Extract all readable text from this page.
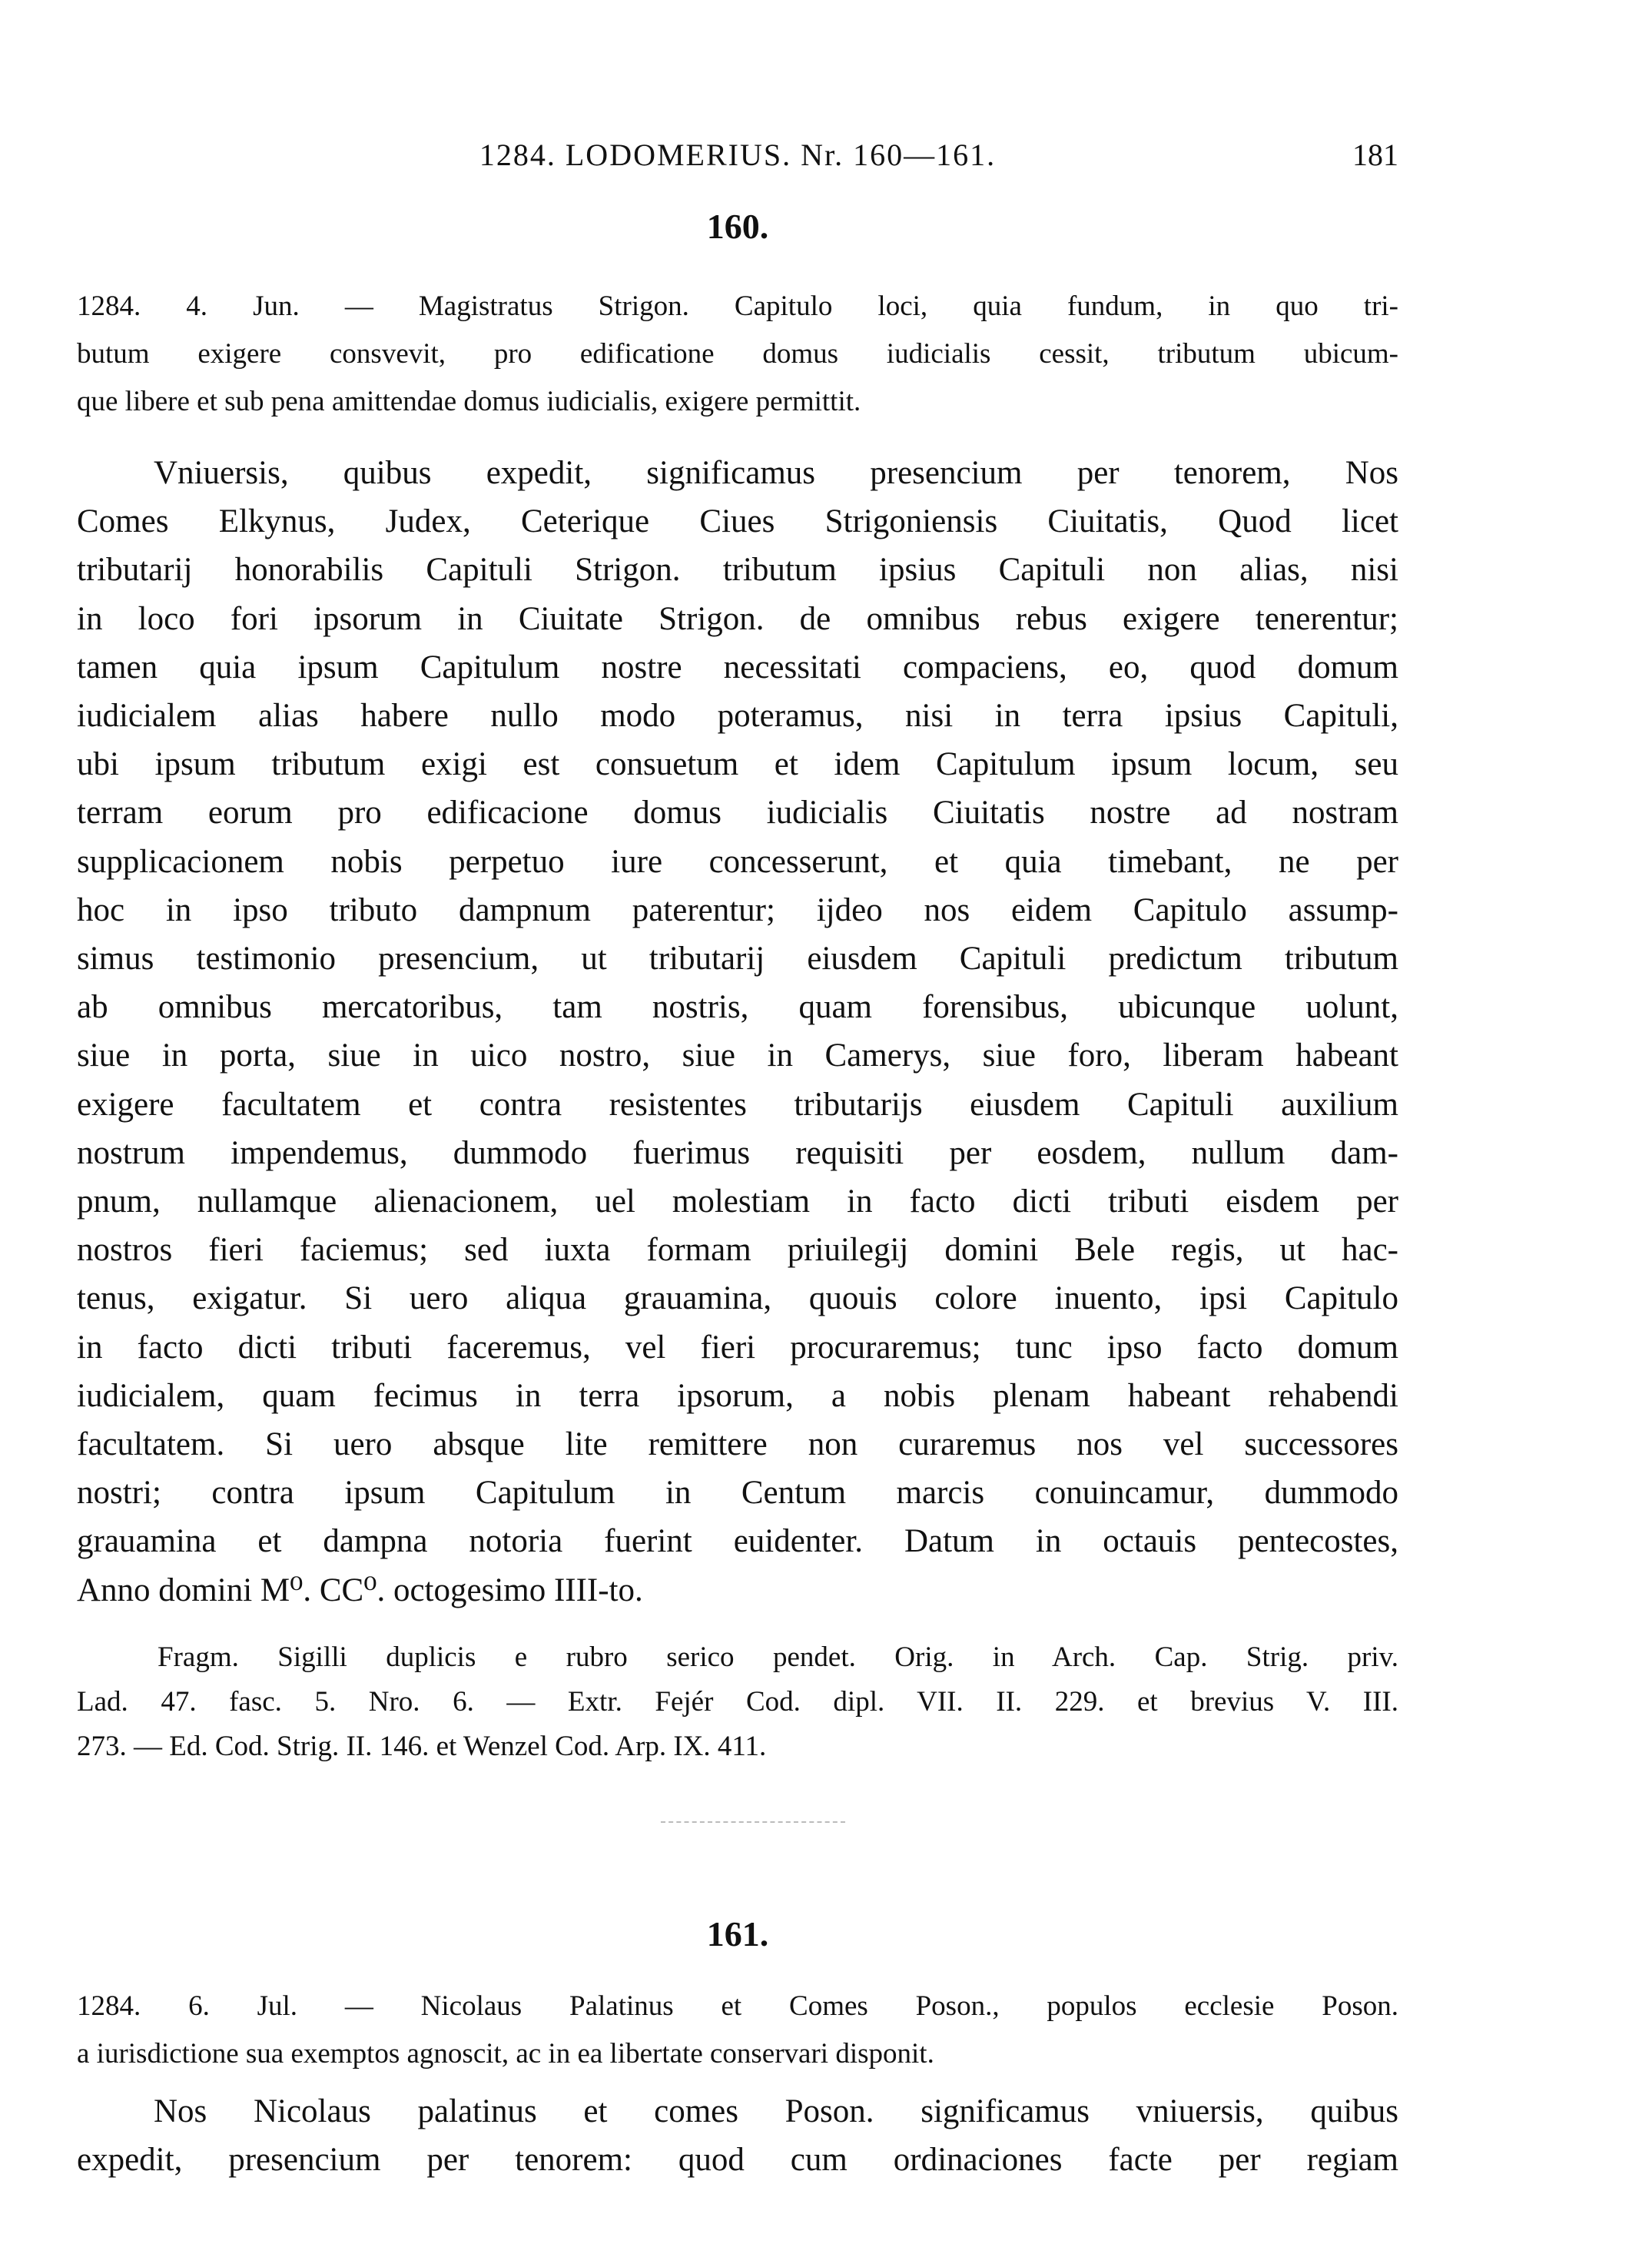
1284. LODOMERIUS. Nr. 160—161.	181
160.
1284. 4. Jun. — Magistratus Strigon. Capitulo loci, quia fundum, in quo tri-
butum exigere consvevit, pro edificatione domus iudicialis cessit, tributum ubicum-
que libere et sub pena amittendae domus iudicialis, exigere permittit.
Vniuersis, quibus expedit, significamus presencium per tenorem, Nos
Comes Elkynus, Judex, Ceterique Ciues Strigoniensis Ciuitatis, Quod licet
tributarij honorabilis Capituli Strigon. tributum ipsius Capituli non alias, nisi
in loco fori ipsorum in Ciuitate Strigon. de omnibus rebus exigere tenerentur;
tamen quia ipsum Capitulum nostre necessitati compaciens, eo, quod domum
iudicialem alias habere nullo modo poteramus, nisi in terra ipsius Capituli,
ubi ipsum tributum exigi est consuetum et idem Capitulum ipsum locum, seu
terram eorum pro edificacione domus iudicialis Ciuitatis nostre ad nostram
supplicacionem nobis perpetuo iure concesserunt, et quia timebant, ne per
hoc in ipso tributo dampnum paterentur; ijdeo nos eidem Capitulo assump-
simus testimonio presencium, ut tributarij eiusdem Capituli predictum tributum
ab omnibus mercatoribus, tam nostris, quam forensibus, ubicunque uolunt,
siue in porta, siue in uico nostro, siue in Camerys, siue foro, liberam habeant
exigere facultatem et contra resistentes tributarijs eiusdem Capituli auxilium
nostrum impendemus, dummodo fuerimus requisiti per eosdem, nullum dam-
pnum, nullamque alienacionem, uel molestiam in facto dicti tributi eisdem per
nostros fieri faciemus; sed iuxta formam priuilegij domini Bele regis, ut hac-
tenus, exigatur. Si uero aliqua grauamina, quouis colore inuento, ipsi Capitulo
in facto dicti tributi faceremus, vel fieri procuraremus; tunc ipso facto domum
iudicialem, quam fecimus in terra ipsorum, a nobis plenam habeant rehabendi
facultatem. Si uero absque lite remittere non curaremus nos vel successores
nostri; contra ipsum Capitulum in Centum marcis conuincamur, dummodo
grauamina et dampna notoria fuerint euidenter. Datum in octauis pentecostes,
Anno domini M⁰. CC⁰. octogesimo IIII-to.
Fragm. Sigilli duplicis e rubro serico pendet. Orig. in Arch. Cap. Strig. priv.
Lad. 47. fasc. 5. Nro. 6. — Extr. Fejér Cod. dipl. VII. II. 229. et brevius V. III.
273. — Ed. Cod. Strig. II. 146. et Wenzel Cod. Arp. IX. 411.
161.
1284. 6. Jul. — Nicolaus Palatinus et Comes Poson., populos ecclesie Poson.
a iurisdictione sua exemptos agnoscit, ac in ea libertate conservari disponit.
Nos Nicolaus palatinus et comes Poson. significamus vniuersis, quibus
expedit, presencium per tenorem: quod cum ordinaciones facte per regiam
